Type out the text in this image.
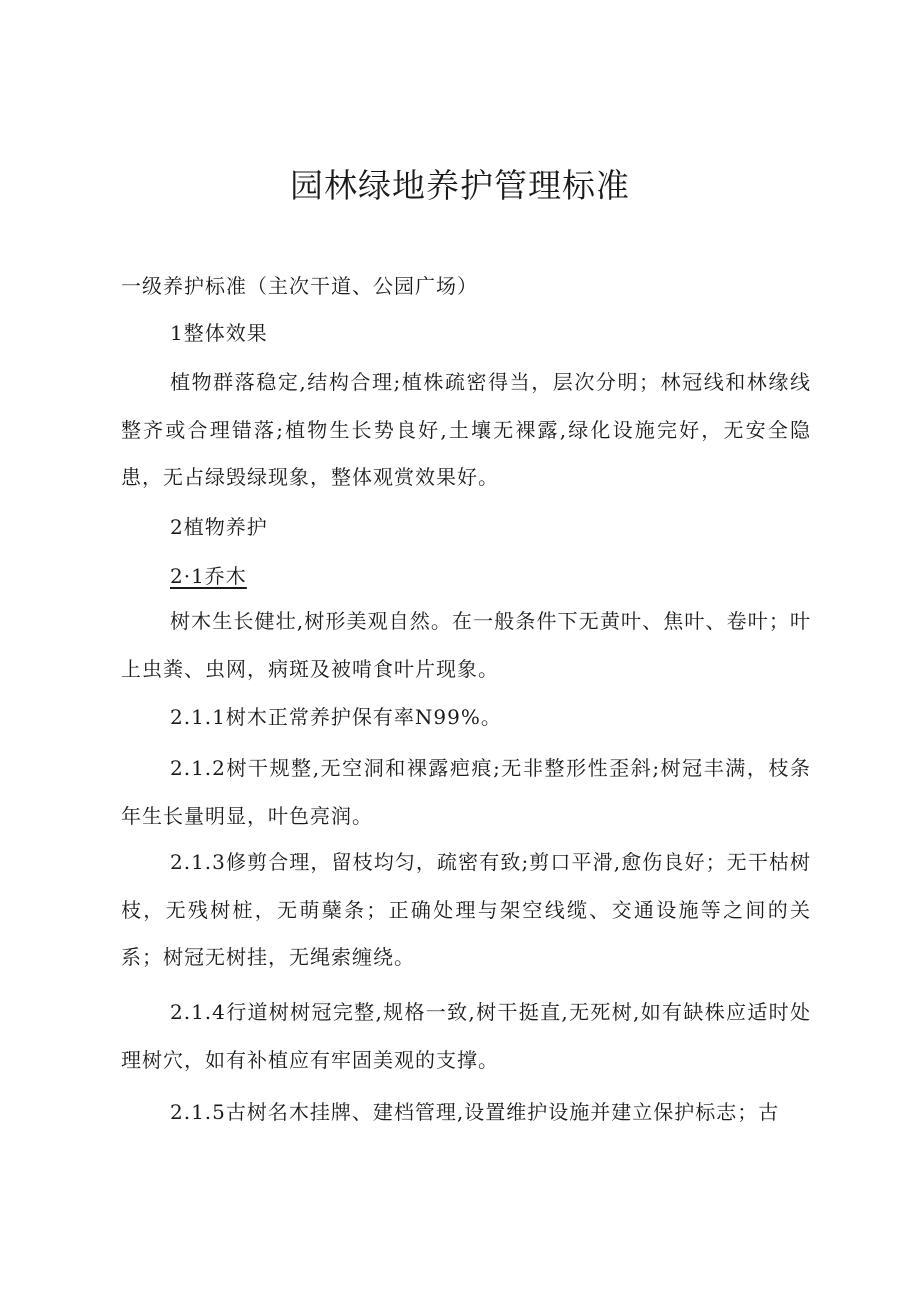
园林绿地养护管理标准
一级养护标准（主次干道、公园广场）
1整体效果

植物群落稳定,结构合理;植株疏密得当，层次分明；林冠线和林缘线整齐或合理错落;植物生长势良好,土壤无裸露,绿化设施完好，无安全隐患，无占绿毁绿现象，整体观赏效果好。

2植物养护
2·1乔木

树木生长健壮,树形美观自然。在一般条件下无黄叶、焦叶、卷叶；叶上虫粪、虫网，病斑及被啃食叶片现象。

2.1.1树木正常养护保有率N99%。

2.1.2树干规整,无空洞和裸露疤痕;无非整形性歪斜;树冠丰满，枝条年生长量明显，叶色亮润。

2.1.3修剪合理，留枝均匀，疏密有致;剪口平滑,愈伤良好；无干枯树枝，无残树桩，无萌蘖条；正确处理与架空线缆、交通设施等之间的关系；树冠无树挂，无绳索缠绕。

2.1.4行道树树冠完整,规格一致,树干挺直,无死树,如有缺株应适时处理树穴，如有补植应有牢固美观的支撑。

2.1.5古树名木挂牌、建档管理,设置维护设施并建立保护标志；古
